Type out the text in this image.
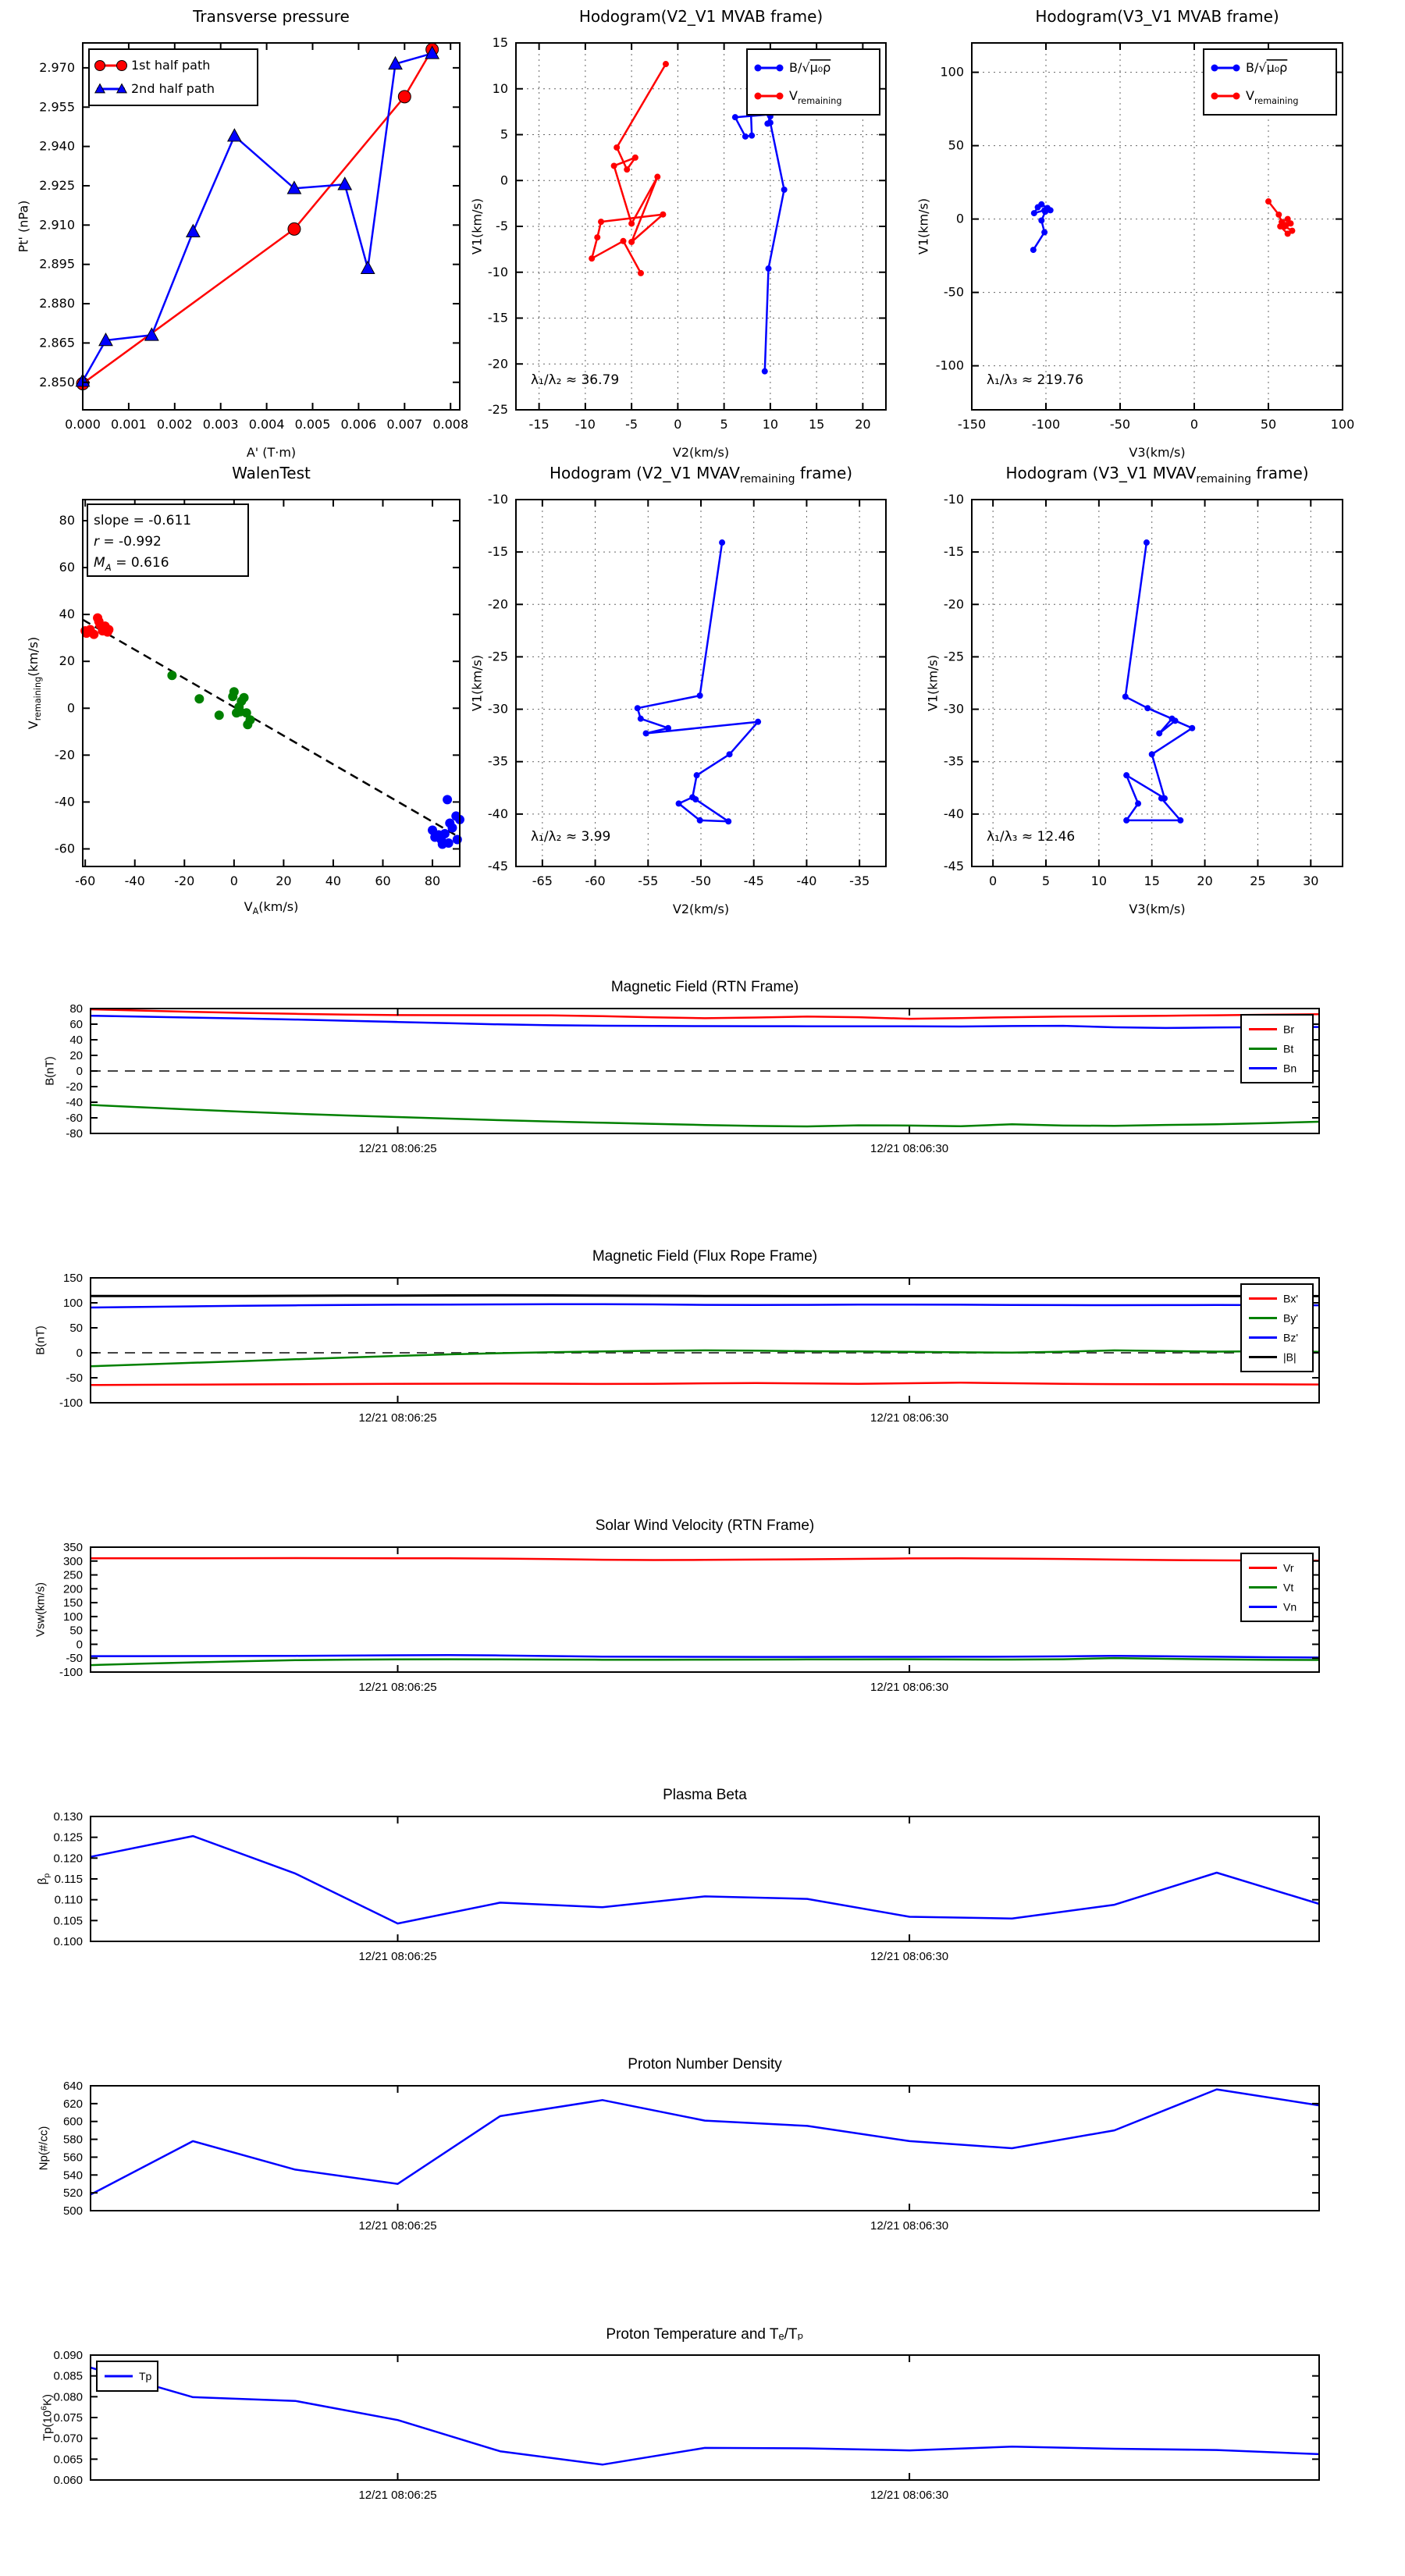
Transverse pressure
Pt' (nPa)
A' (T·m)
0.000 0.001 0.002 0.003 0.004 0.005 0.006 0.007 0.008
2.850
2.865
2.880
2.895
2.910
2.925
2.940
2.955
2.970	1st half path
2nd half path
Hodogram(V2_V1 MVAB frame)
V1(km/s)
V2(km/s)
-15 -10 -5	0	5	10 15 20
-25
-20
-15
-10
-5
0
5
10
15
B/√μ₀ρ
$V_{remaining}$
λ₁/λ₂ ≈ 36.79
Hodogram(V3_V1 MVAB frame)
V1(km/s)
V3(km/s)
-150	-100	-50	0	50	100
-100
-50
0
50
100	B/√μ₀ρ
$V_{remaining}$
λ₁/λ₃ ≈ 219.76
WalenTest
$V_{remaining}(km/s)$
$V_A(km/s)$
-60 -40 -20	0	20	40	60	80
-60
-40
-20
0
20
40
60
80 slope = -0.611
r = -0.992
$M_A = 0.616$
Hodogram (V2_V1 $MVAV_{remaining}$ frame)
V1(km/s)
V2(km/s)
-65	-60	-55	-50	-45	-40	-35
-45
-40
-35
-30
-25
-20
-15
-10
λ₁/λ₂ ≈ 3.99
Hodogram (V3_V1 $MVAV_{remaining}$ frame)
V1(km/s)
V3(km/s)
0	5	10	15	20	25	30
-45
-40
-35
-30
-25
-20
-15
-10
λ₁/λ₃ ≈ 12.46
Magnetic Field (RTN Frame)
B(nT)
12/21 08:06:25	12/21 08:06:30
-80
-60
-40
-20
0
20
40
60
80
Br
Bt
Bn
Magnetic Field (Flux Rope Frame)
B(nT)
12/21 08:06:25	12/21 08:06:30
-100
-50
0
50
100
150
Bx'
By'
Bz'
|B|
Solar Wind Velocity (RTN Frame)
Vsw(km/s)
12/21 08:06:25	12/21 08:06:30
-100
-50
0
50
100
150
200
250
300
350
Vr
Vt
Vn
Plasma Beta
$\beta_p$
12/21 08:06:25	12/21 08:06:30
0.100
0.105
0.110
0.115
0.120
0.125
0.130
Proton Number Density
Np(#/cc)
12/21 08:06:25	12/21 08:06:30
500
520
540
560
580
600
620
640
Proton Temperature and Tₑ/Tₚ
$Tp(10^6K)$
12/21 08:06:25	12/21 08:06:30
0.060
0.065
0.070
0.075
0.080
0.085
0.090
Tp
